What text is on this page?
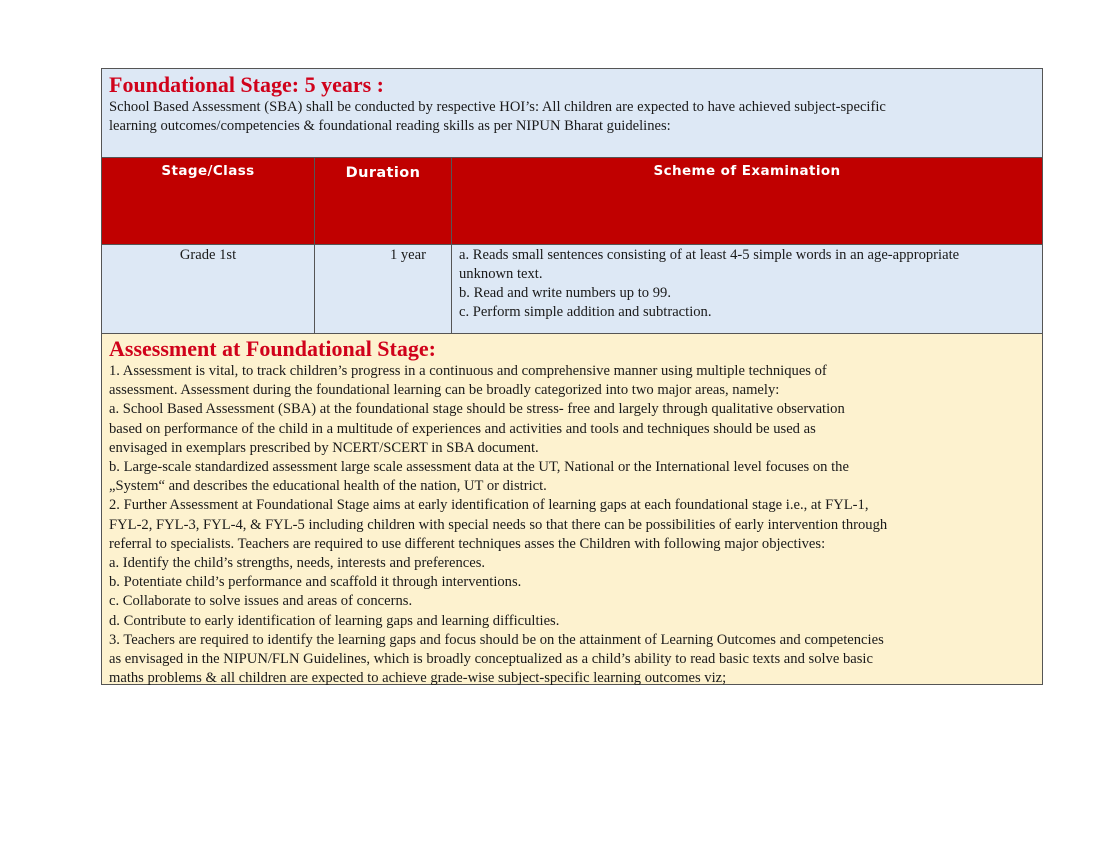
Foundational Stage: 5 years :

School Based Assessment (SBA) shall be conducted by respective HOI’s: All children are expected to have achieved subject-specific

learning outcomes/competencies & foundational reading skills as per NIPUN Bharat guidelines:

Stage/Class	Duration	Scheme of Examination
Grade 1st	1 year	a. Reads small sentences consisting of at least 4-5 simple words in an age-appropriate

unknown text.

b. Read and write numbers up to 99.

c. Perform simple addition and subtraction.

Assessment at Foundational Stage:

1. Assessment is vital, to track children’s progress in a continuous and comprehensive manner using multiple techniques of

assessment. Assessment during the foundational learning can be broadly categorized into two major areas, namely:

a. School Based Assessment (SBA) at the foundational stage should be stress- free and largely through qualitative observation

based on performance of the child in a multitude of experiences and activities and tools and techniques should be used as

envisaged in exemplars prescribed by NCERT/SCERT in SBA document.

b. Large-scale standardized assessment large scale assessment data at the UT, National or the International level focuses on the

„System“ and describes the educational health of the nation, UT or district.

2. Further Assessment at Foundational Stage aims at early identification of learning gaps at each foundational stage i.e., at FYL-1,

FYL-2, FYL-3, FYL-4, & FYL-5 including children with special needs so that there can be possibilities of early intervention through

referral to specialists. Teachers are required to use different techniques asses the Children with following major objectives:

a. Identify the child’s strengths, needs, interests and preferences.

b. Potentiate child’s performance and scaffold it through interventions.

c. Collaborate to solve issues and areas of concerns.

d. Contribute to early identification of learning gaps and learning difficulties.

3. Teachers are required to identify the learning gaps and focus should be on the attainment of Learning Outcomes and competencies

as envisaged in the NIPUN/FLN Guidelines, which is broadly conceptualized as a child’s ability to read basic texts and solve basic

maths problems & all children are expected to achieve grade-wise subject-specific learning outcomes viz;
